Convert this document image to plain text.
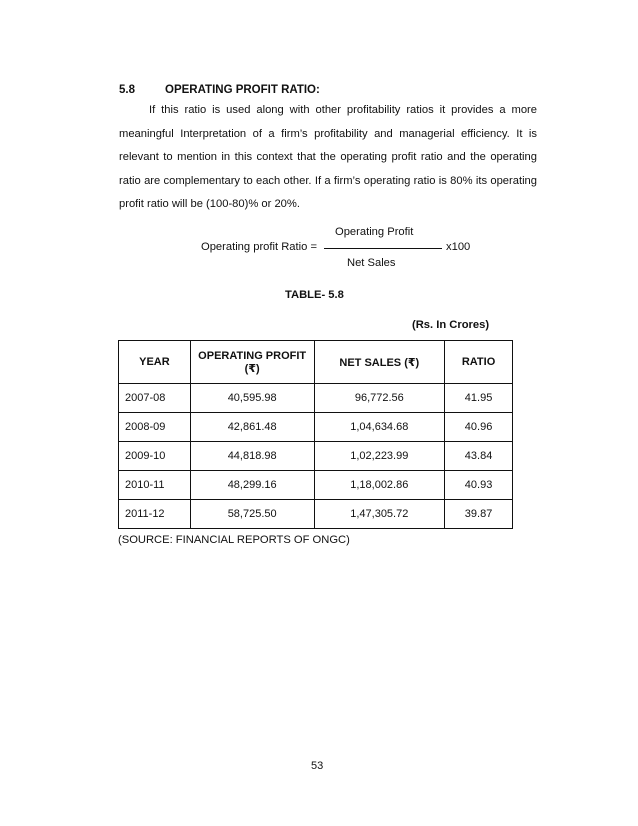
5.8	OPERATING PROFIT RATIO:

If this ratio is used along with other profitability ratios it provides a more meaningful Interpretation of a firm’s profitability and managerial efficiency. It is relevant to mention in this context that the operating profit ratio and the operating ratio are complementary to each other. If a firm’s operating ratio is 80% its operating profit ratio will be (100-80)% or 20%.

Operating Profit
Operating profit Ratio =	x100
Net Sales
TABLE- 5.8
(Rs. In Crores)
YEAR	OPERATING PROFIT (₹)	NET SALES (₹)	RATIO
2007-08	40,595.98	96,772.56	41.95
2008-09	42,861.48	1,04,634.68	40.96
2009-10	44,818.98	1,02,223.99	43.84
2010-11	48,299.16	1,18,002.86	40.93
2011-12	58,725.50	1,47,305.72	39.87
(SOURCE: FINANCIAL REPORTS OF ONGC)
53
